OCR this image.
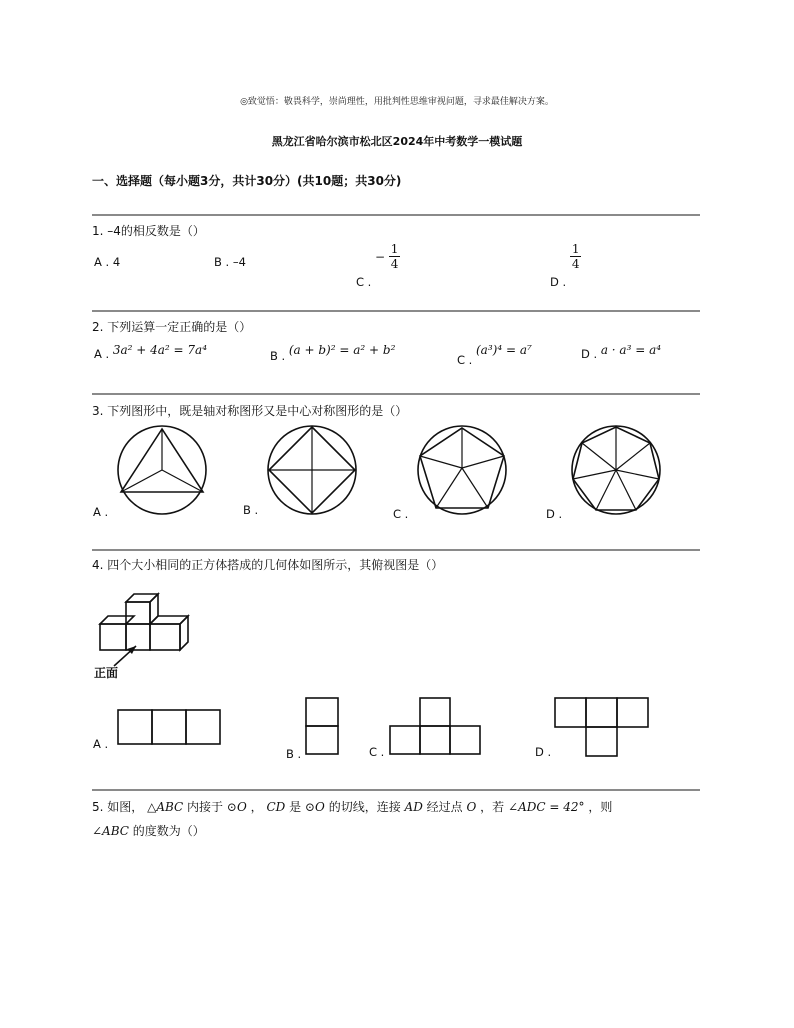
◎致觉悟：敬畏科学，崇尚理性，用批判性思维审视问题，寻求最佳解决方案。
黑龙江省哈尔滨市松北区2024年中考数学一模试题
一、选择题（每小题3分，共计30分）(共10题；共30分)
1. –4的相反数是（）
A . 4	B . –4
C . − $\frac{1}{4}$
D .
$\frac{1}{4}$
2. 下列运算一定正确的是（）
A . 3a² + 4a² = 7a⁴	B . (a + b)² = a² + b²
C . (a³)⁴ = a⁷	D . a · a³ = a⁴
3. 下列图形中，既是轴对称图形又是中心对称图形的是（）
A .	B .	C .	D .
4. 四个大小相同的正方体搭成的几何体如图所示，其俯视图是（）
正面
A .
B .	C .	D .
5. 如图， △ABC 内接于 ⊙O ， CD 是 ⊙O 的切线，连接 AD 经过点 O ，若 ∠ADC = 42° ，则
∠ABC 的度数为（）
